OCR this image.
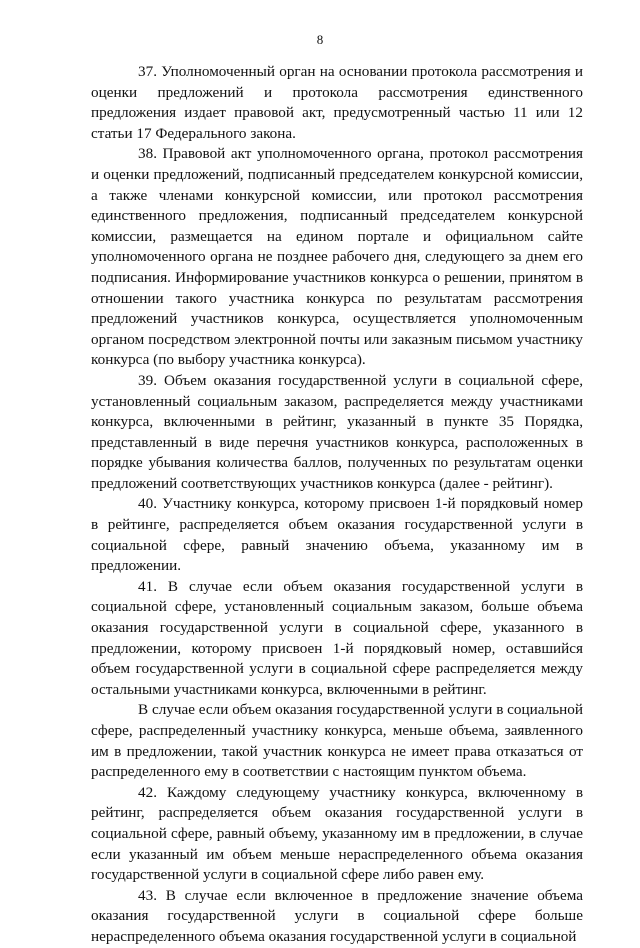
8

37. Уполномоченный орган на основании протокола рассмотрения и оценки предложений и протокола рассмотрения единственного предложения издает правовой акт, предусмотренный частью 11 или 12 статьи 17 Федерального закона.

38. Правовой акт уполномоченного органа, протокол рассмотрения и оценки предложений, подписанный председателем конкурсной комиссии, а также членами конкурсной комиссии, или протокол рассмотрения единственного предложения, подписанный председателем конкурсной комиссии, размещается на едином портале и официальном сайте уполномоченного органа не позднее рабочего дня, следующего за днем его подписания. Информирование участников конкурса о решении, принятом в отношении такого участника конкурса по результатам рассмотрения предложений участников конкурса, осуществляется уполномоченным органом посредством электронной почты или заказным письмом участнику конкурса (по выбору участника конкурса).

39. Объем оказания государственной услуги в социальной сфере, установленный социальным заказом, распределяется между участниками конкурса, включенными в рейтинг, указанный в пункте 35 Порядка, представленный в виде перечня участников конкурса, расположенных в порядке убывания количества баллов, полученных по результатам оценки предложений соответствующих участников конкурса (далее - рейтинг).

40. Участнику конкурса, которому присвоен 1-й порядковый номер в рейтинге, распределяется объем оказания государственной услуги в социальной сфере, равный значению объема, указанному им в предложении.

41. В случае если объем оказания государственной услуги в социальной сфере, установленный социальным заказом, больше объема оказания государственной услуги в социальной сфере, указанного в предложении, которому присвоен 1-й порядковый номер, оставшийся объем государственной услуги в социальной сфере распределяется между остальными участниками конкурса, включенными в рейтинг.

В случае если объем оказания государственной услуги в социальной сфере, распределенный участнику конкурса, меньше объема, заявленного им в предложении, такой участник конкурса не имеет права отказаться от распределенного ему в соответствии с настоящим пунктом объема.

42. Каждому следующему участнику конкурса, включенному в рейтинг, распределяется объем оказания государственной услуги в социальной сфере, равный объему, указанному им в предложении, в случае если указанный им объем меньше нераспределенного объема оказания государственной услуги в социальной сфере либо равен ему.

43. В случае если включенное в предложение значение объема оказания государственной услуги в социальной сфере больше нераспределенного объема оказания государственной услуги в социальной
